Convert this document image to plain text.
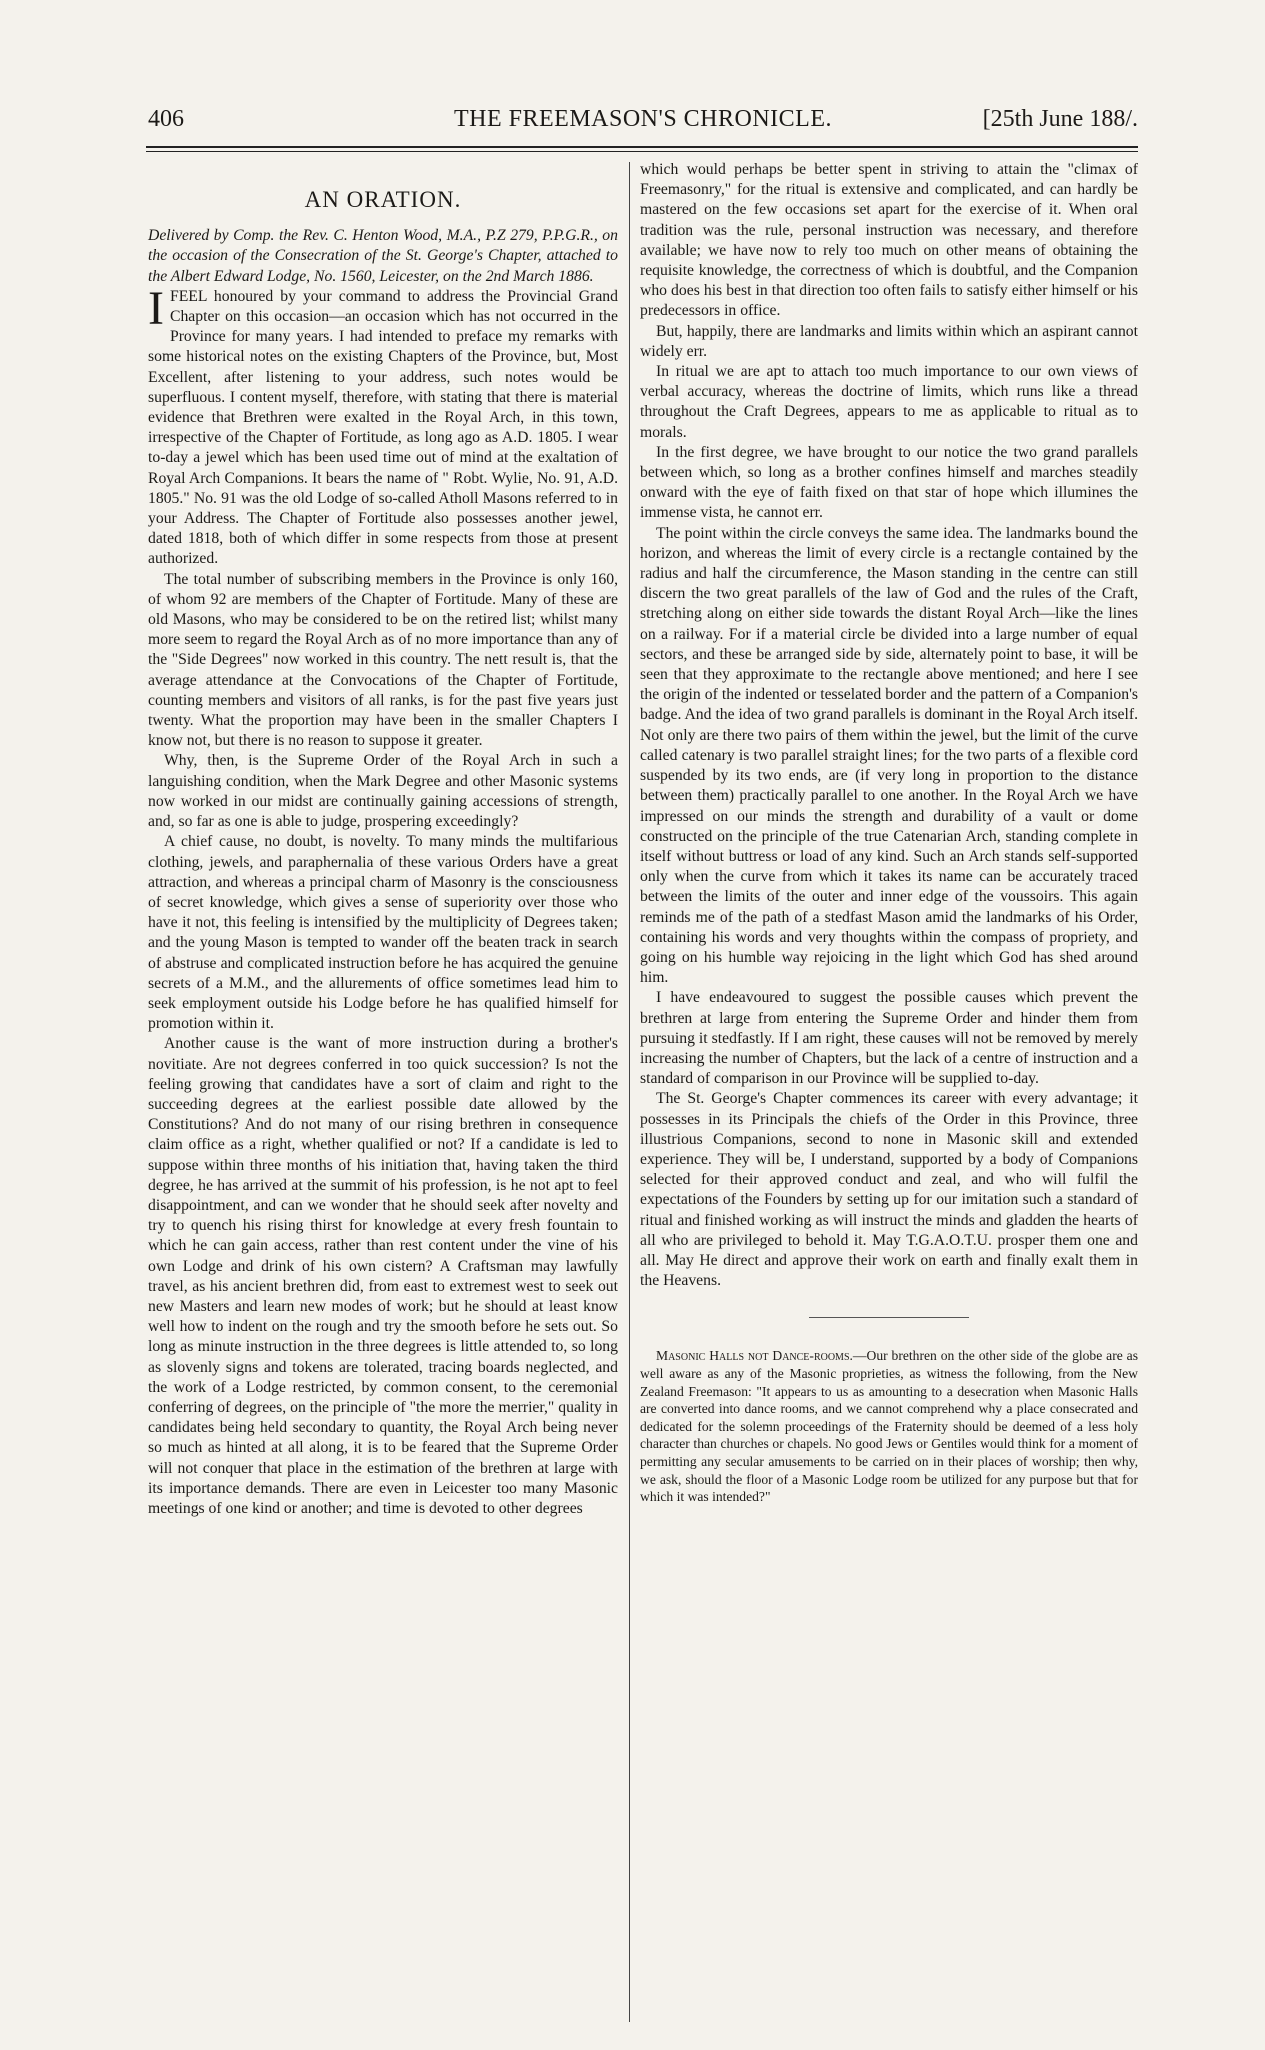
406	THE FREEMASON'S CHRONICLE.	[25th June 188/.
AN ORATION.

Delivered by Comp. the Rev. C. Henton Wood, M.A., P.Z 279, P.P.G.R., on the occasion of the Consecration of the St. George's Chapter, attached to the Albert Edward Lodge, No. 1560, Leicester, on the 2nd March 1886.

IFEEL honoured by your command to address the Provincial Grand Chapter on this occasion—an occasion which has not occurred in the Province for many years. I had intended to preface my remarks with some historical notes on the existing Chapters of the Province, but, Most Excellent, after listening to your address, such notes would be superfluous. I content myself, therefore, with stating that there is material evidence that Brethren were exalted in the Royal Arch, in this town, irrespective of the Chapter of Fortitude, as long ago as A.D. 1805. I wear to-day a jewel which has been used time out of mind at the exaltation of Royal Arch Companions. It bears the name of " Robt. Wylie, No. 91, A.D. 1805." No. 91 was the old Lodge of so-called Atholl Masons referred to in your Address. The Chapter of Fortitude also possesses another jewel, dated 1818, both of which differ in some respects from those at present authorized.

The total number of subscribing members in the Province is only 160, of whom 92 are members of the Chapter of Fortitude. Many of these are old Masons, who may be considered to be on the retired list; whilst many more seem to regard the Royal Arch as of no more importance than any of the "Side Degrees" now worked in this country. The nett result is, that the average attendance at the Convocations of the Chapter of Fortitude, counting members and visitors of all ranks, is for the past five years just twenty. What the proportion may have been in the smaller Chapters I know not, but there is no reason to suppose it greater.

Why, then, is the Supreme Order of the Royal Arch in such a languishing condition, when the Mark Degree and other Masonic systems now worked in our midst are continually gaining accessions of strength, and, so far as one is able to judge, prospering exceedingly?

A chief cause, no doubt, is novelty. To many minds the multifarious clothing, jewels, and paraphernalia of these various Orders have a great attraction, and whereas a principal charm of Masonry is the consciousness of secret knowledge, which gives a sense of superiority over those who have it not, this feeling is intensified by the multiplicity of Degrees taken; and the young Mason is tempted to wander off the beaten track in search of abstruse and complicated instruction before he has acquired the genuine secrets of a M.M., and the allurements of office sometimes lead him to seek employment outside his Lodge before he has qualified himself for promotion within it.

Another cause is the want of more instruction during a brother's novitiate. Are not degrees conferred in too quick succession? Is not the feeling growing that candidates have a sort of claim and right to the succeeding degrees at the earliest possible date allowed by the Constitutions? And do not many of our rising brethren in consequence claim office as a right, whether qualified or not? If a candidate is led to suppose within three months of his initiation that, having taken the third degree, he has arrived at the summit of his profession, is he not apt to feel disappointment, and can we wonder that he should seek after novelty and try to quench his rising thirst for knowledge at every fresh fountain to which he can gain access, rather than rest content under the vine of his own Lodge and drink of his own cistern? A Craftsman may lawfully travel, as his ancient brethren did, from east to extremest west to seek out new Masters and learn new modes of work; but he should at least know well how to indent on the rough and try the smooth before he sets out. So long as minute instruction in the three degrees is little attended to, so long as slovenly signs and tokens are tolerated, tracing boards neglected, and the work of a Lodge restricted, by common consent, to the ceremonial conferring of degrees, on the principle of "the more the merrier," quality in candidates being held secondary to quantity, the Royal Arch being never so much as hinted at all along, it is to be feared that the Supreme Order will not conquer that place in the estimation of the brethren at large with its importance demands. There are even in Leicester too many Masonic meetings of one kind or another; and time is devoted to other degrees

which would perhaps be better spent in striving to attain the "climax of Freemasonry," for the ritual is extensive and complicated, and can hardly be mastered on the few occasions set apart for the exercise of it. When oral tradition was the rule, personal instruction was necessary, and therefore available; we have now to rely too much on other means of obtaining the requisite knowledge, the correctness of which is doubtful, and the Companion who does his best in that direction too often fails to satisfy either himself or his predecessors in office.

But, happily, there are landmarks and limits within which an aspirant cannot widely err.

In ritual we are apt to attach too much importance to our own views of verbal accuracy, whereas the doctrine of limits, which runs like a thread throughout the Craft Degrees, appears to me as applicable to ritual as to morals.

In the first degree, we have brought to our notice the two grand parallels between which, so long as a brother confines himself and marches steadily onward with the eye of faith fixed on that star of hope which illumines the immense vista, he cannot err.

The point within the circle conveys the same idea. The landmarks bound the horizon, and whereas the limit of every circle is a rectangle contained by the radius and half the circumference, the Mason standing in the centre can still discern the two great parallels of the law of God and the rules of the Craft, stretching along on either side towards the distant Royal Arch—like the lines on a railway. For if a material circle be divided into a large number of equal sectors, and these be arranged side by side, alternately point to base, it will be seen that they approximate to the rectangle above mentioned; and here I see the origin of the indented or tesselated border and the pattern of a Companion's badge. And the idea of two grand parallels is dominant in the Royal Arch itself. Not only are there two pairs of them within the jewel, but the limit of the curve called catenary is two parallel straight lines; for the two parts of a flexible cord suspended by its two ends, are (if very long in proportion to the distance between them) practically parallel to one another. In the Royal Arch we have impressed on our minds the strength and durability of a vault or dome constructed on the principle of the true Catenarian Arch, standing complete in itself without buttress or load of any kind. Such an Arch stands self-supported only when the curve from which it takes its name can be accurately traced between the limits of the outer and inner edge of the voussoirs. This again reminds me of the path of a stedfast Mason amid the landmarks of his Order, containing his words and very thoughts within the compass of propriety, and going on his humble way rejoicing in the light which God has shed around him.

I have endeavoured to suggest the possible causes which prevent the brethren at large from entering the Supreme Order and hinder them from pursuing it stedfastly. If I am right, these causes will not be removed by merely increasing the number of Chapters, but the lack of a centre of instruction and a standard of comparison in our Province will be supplied to-day.

The St. George's Chapter commences its career with every advantage; it possesses in its Principals the chiefs of the Order in this Province, three illustrious Companions, second to none in Masonic skill and extended experience. They will be, I understand, supported by a body of Companions selected for their approved conduct and zeal, and who will fulfil the expectations of the Founders by setting up for our imitation such a standard of ritual and finished working as will instruct the minds and gladden the hearts of all who are privileged to behold it. May T.G.A.O.T.U. prosper them one and all. May He direct and approve their work on earth and finally exalt them in the Heavens.

Masonic Halls not Dance-rooms.—Our brethren on the other side of the globe are as well aware as any of the Masonic proprieties, as witness the following, from the New Zealand Freemason: "It appears to us as amounting to a desecration when Masonic Halls are converted into dance rooms, and we cannot comprehend why a place consecrated and dedicated for the solemn proceedings of the Fraternity should be deemed of a less holy character than churches or chapels. No good Jews or Gentiles would think for a moment of permitting any secular amusements to be carried on in their places of worship; then why, we ask, should the floor of a Masonic Lodge room be utilized for any purpose but that for which it was intended?"
